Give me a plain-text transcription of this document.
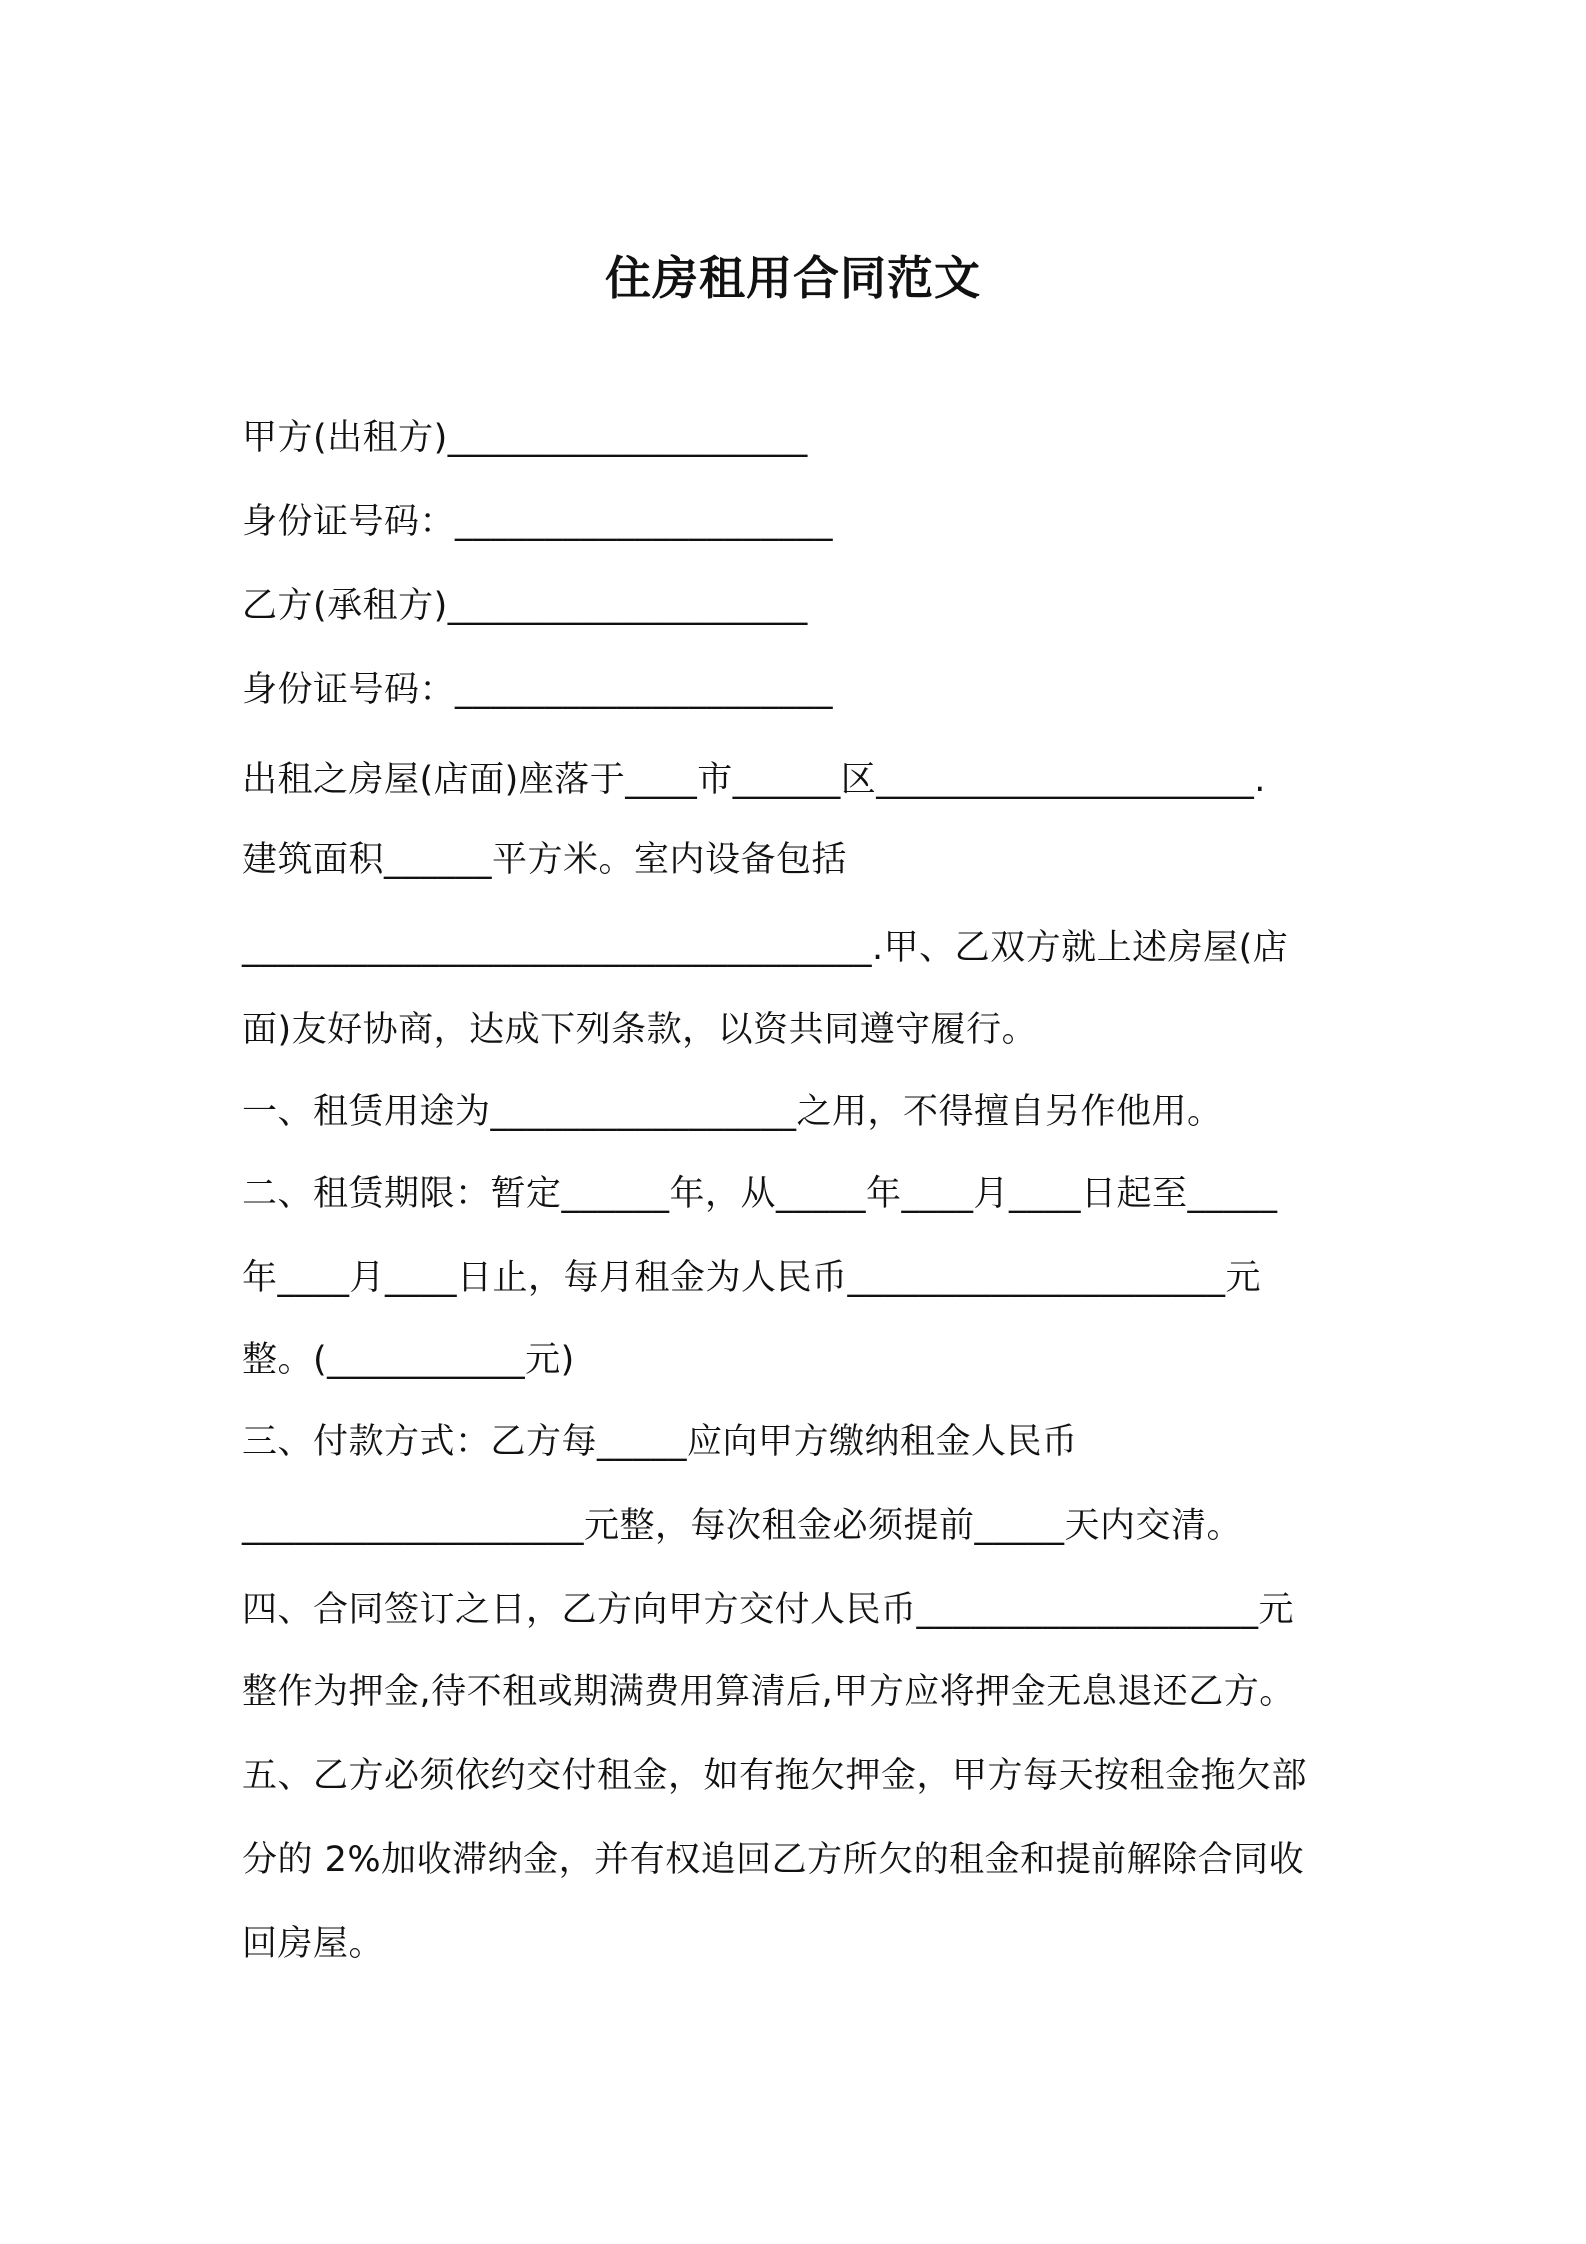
住房租用合同范文

甲方(出租方)____________________

身份证号码：_____________________

乙方(承租方)____________________

身份证号码：_____________________

出租之房屋(店面)座落于____市______区_____________________.

建筑面积______平方米。室内设备包括

___________________________________.甲、乙双方就上述房屋(店

面)友好协商，达成下列条款，以资共同遵守履行。

一、租赁用途为_________________之用，不得擅自另作他用。

二、租赁期限：暂定______年，从_____年____月____日起至_____

年____月____日止，每月租金为人民币_____________________元

整。(___________元)

三、付款方式：乙方每_____应向甲方缴纳租金人民币

___________________元整，每次租金必须提前_____天内交清。

四、合同签订之日，乙方向甲方交付人民币___________________元

整作为押金,待不租或期满费用算清后,甲方应将押金无息退还乙方。

五、乙方必须依约交付租金，如有拖欠押金，甲方每天按租金拖欠部

分的 2%加收滞纳金，并有权追回乙方所欠的租金和提前解除合同收

回房屋。
